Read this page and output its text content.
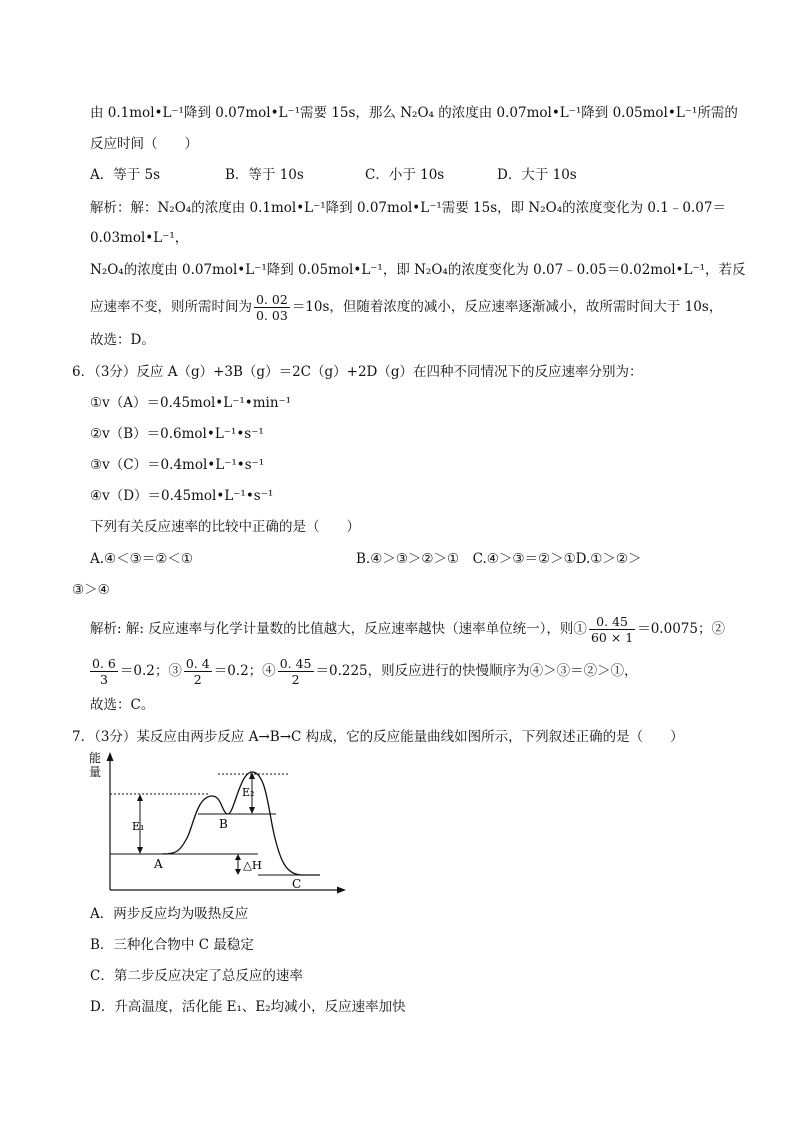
由 0.1mol•L⁻¹降到 0.07mol•L⁻¹需要 15s，那么 N₂O₄ 的浓度由 0.07mol•L⁻¹降到 0.05mol•L⁻¹所需的
反应时间（　　）
A．等于 5s	B．等于 10s	C．小于 10s	D．大于 10s
解析：解：N₂O₄的浓度由 0.1mol•L⁻¹降到 0.07mol•L⁻¹需要 15s，即 N₂O₄的浓度变化为 0.1﹣0.07＝
0.03mol•L⁻¹，
N₂O₄的浓度由 0.07mol•L⁻¹降到 0.05mol•L⁻¹，即 N₂O₄的浓度变化为 0.07﹣0.05＝0.02mol•L⁻¹，若反
应速率不变，则所需时间为 $\frac{0. 02}{0. 03} =10s$，但随着浓度的减小，反应速率逐渐减小，故所需时间大于 10s，
故选：D。
6．（3分）反应 A（g）+3B（g）＝2C（g）+2D（g）在四种不同情况下的反应速率分别为：
①v（A）＝0.45mol•L⁻¹•min⁻¹
②v（B）＝0.6mol•L⁻¹•s⁻¹
③v（C）＝0.4mol•L⁻¹•s⁻¹
④v（D）＝0.45mol•L⁻¹•s⁻¹
下列有关反应速率的比较中正确的是（　　）
A.④＜③＝②＜①	B.④＞③＞②＞①　C.④＞③＝②＞①D.①＞②＞
③＞④
解析: 解: 反应速率与化学计量数的比值越大，反应速率越快（速率单位统一），则① $\frac{0. 45}{60 \times 1} =0.0075$；②
$\frac{0. 6}{3} =0.2$；③ $\frac{0. 4}{2} =0.2$；④ $\frac{0. 45}{2} =0.225$，则反应进行的快慢顺序为④＞③＝②＞①，
故选：C。
7．（3分）某反应由两步反应 A→B→C 构成，它的反应能量曲线如图所示，下列叙述正确的是（　　）
能
量
E₁
E₂
△H
A
B
C
A．两步反应均为吸热反应
B．三种化合物中 C 最稳定
C．第二步反应决定了总反应的速率
D．升高温度，活化能 E₁、E₂均减小，反应速率加快
